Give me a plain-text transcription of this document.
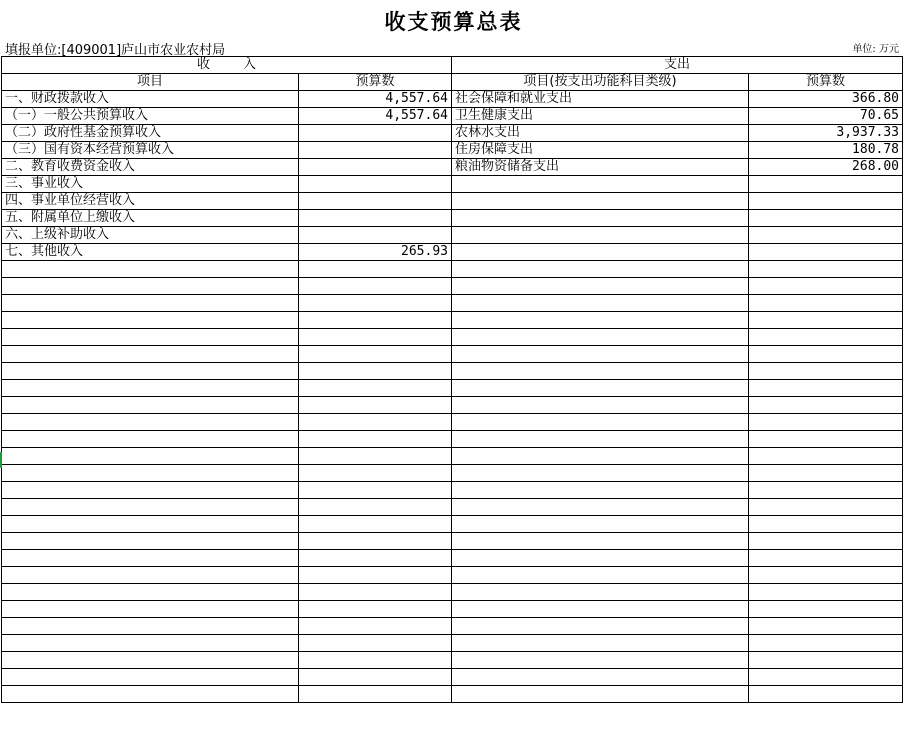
收支预算总表
填报单位:[409001]庐山市农业农村局	单位: 万元
收        入		支出	
项目	预算数	项目(按支出功能科目类级)	预算数
一、财政拨款收入	4,557.64	社会保障和就业支出	366.80
（一）一般公共预算收入	4,557.64	卫生健康支出	70.65
（二）政府性基金预算收入		农林水支出	3,937.33
（三）国有资本经营预算收入		住房保障支出	180.78
二、教育收费资金收入		粮油物资储备支出	268.00
三、事业收入			
四、事业单位经营收入			
五、附属单位上缴收入			
六、上级补助收入			
七、其他收入	265.93		
